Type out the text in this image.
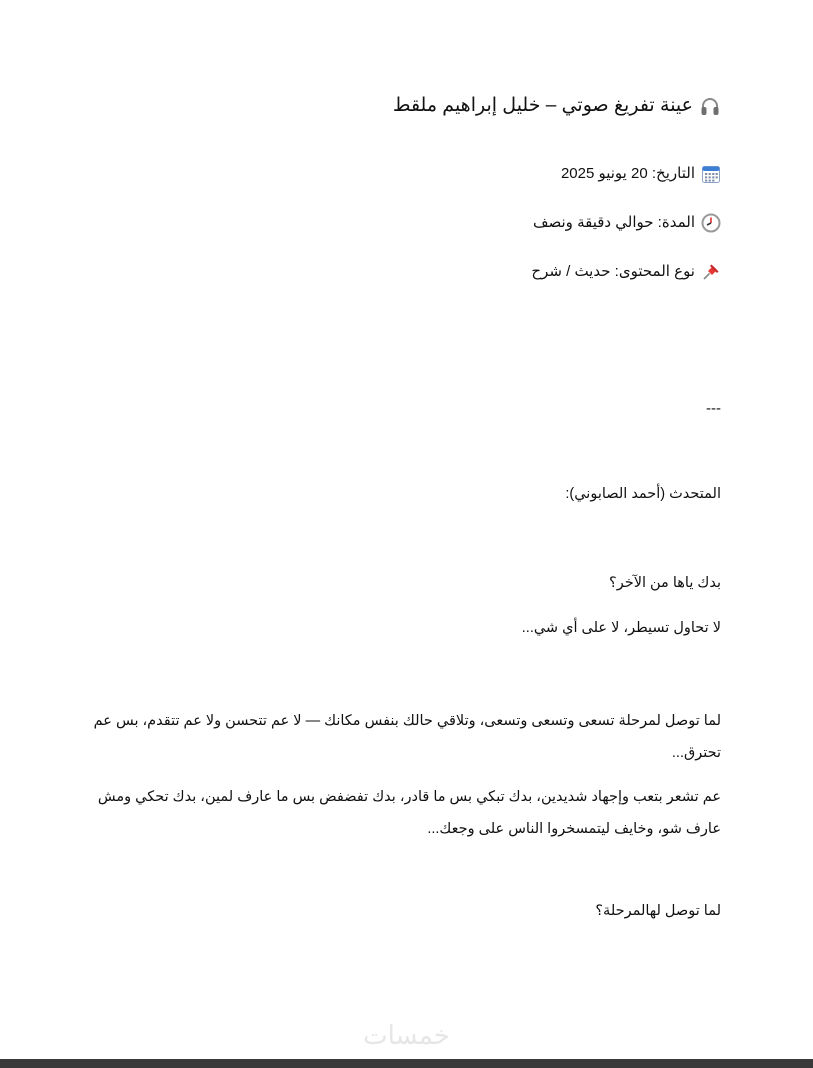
عينة تفريغ صوتي – خليل إبراهيم ملقط
التاريخ: 20 يونيو 2025
المدة: حوالي دقيقة ونصف
نوع المحتوى: حديث / شرح
---
المتحدث (أحمد الصابوني):
بدك ياها من الآخر؟
لا تحاول تسيطر، لا على أي شي...
لما توصل لمرحلة تسعى وتسعى وتسعى، وتلاقي حالك بنفس مكانك — لا عم تتحسن ولا عم تتقدم، بس عم تحترق...
عم تشعر بتعب وإجهاد شديدين، بدك تبكي بس ما قادر، بدك تفضفض بس ما عارف لمين، بدك تحكي ومش عارف شو، وخايف ليتمسخروا الناس على وجعك...
لما توصل لهالمرحلة؟
خمسات
